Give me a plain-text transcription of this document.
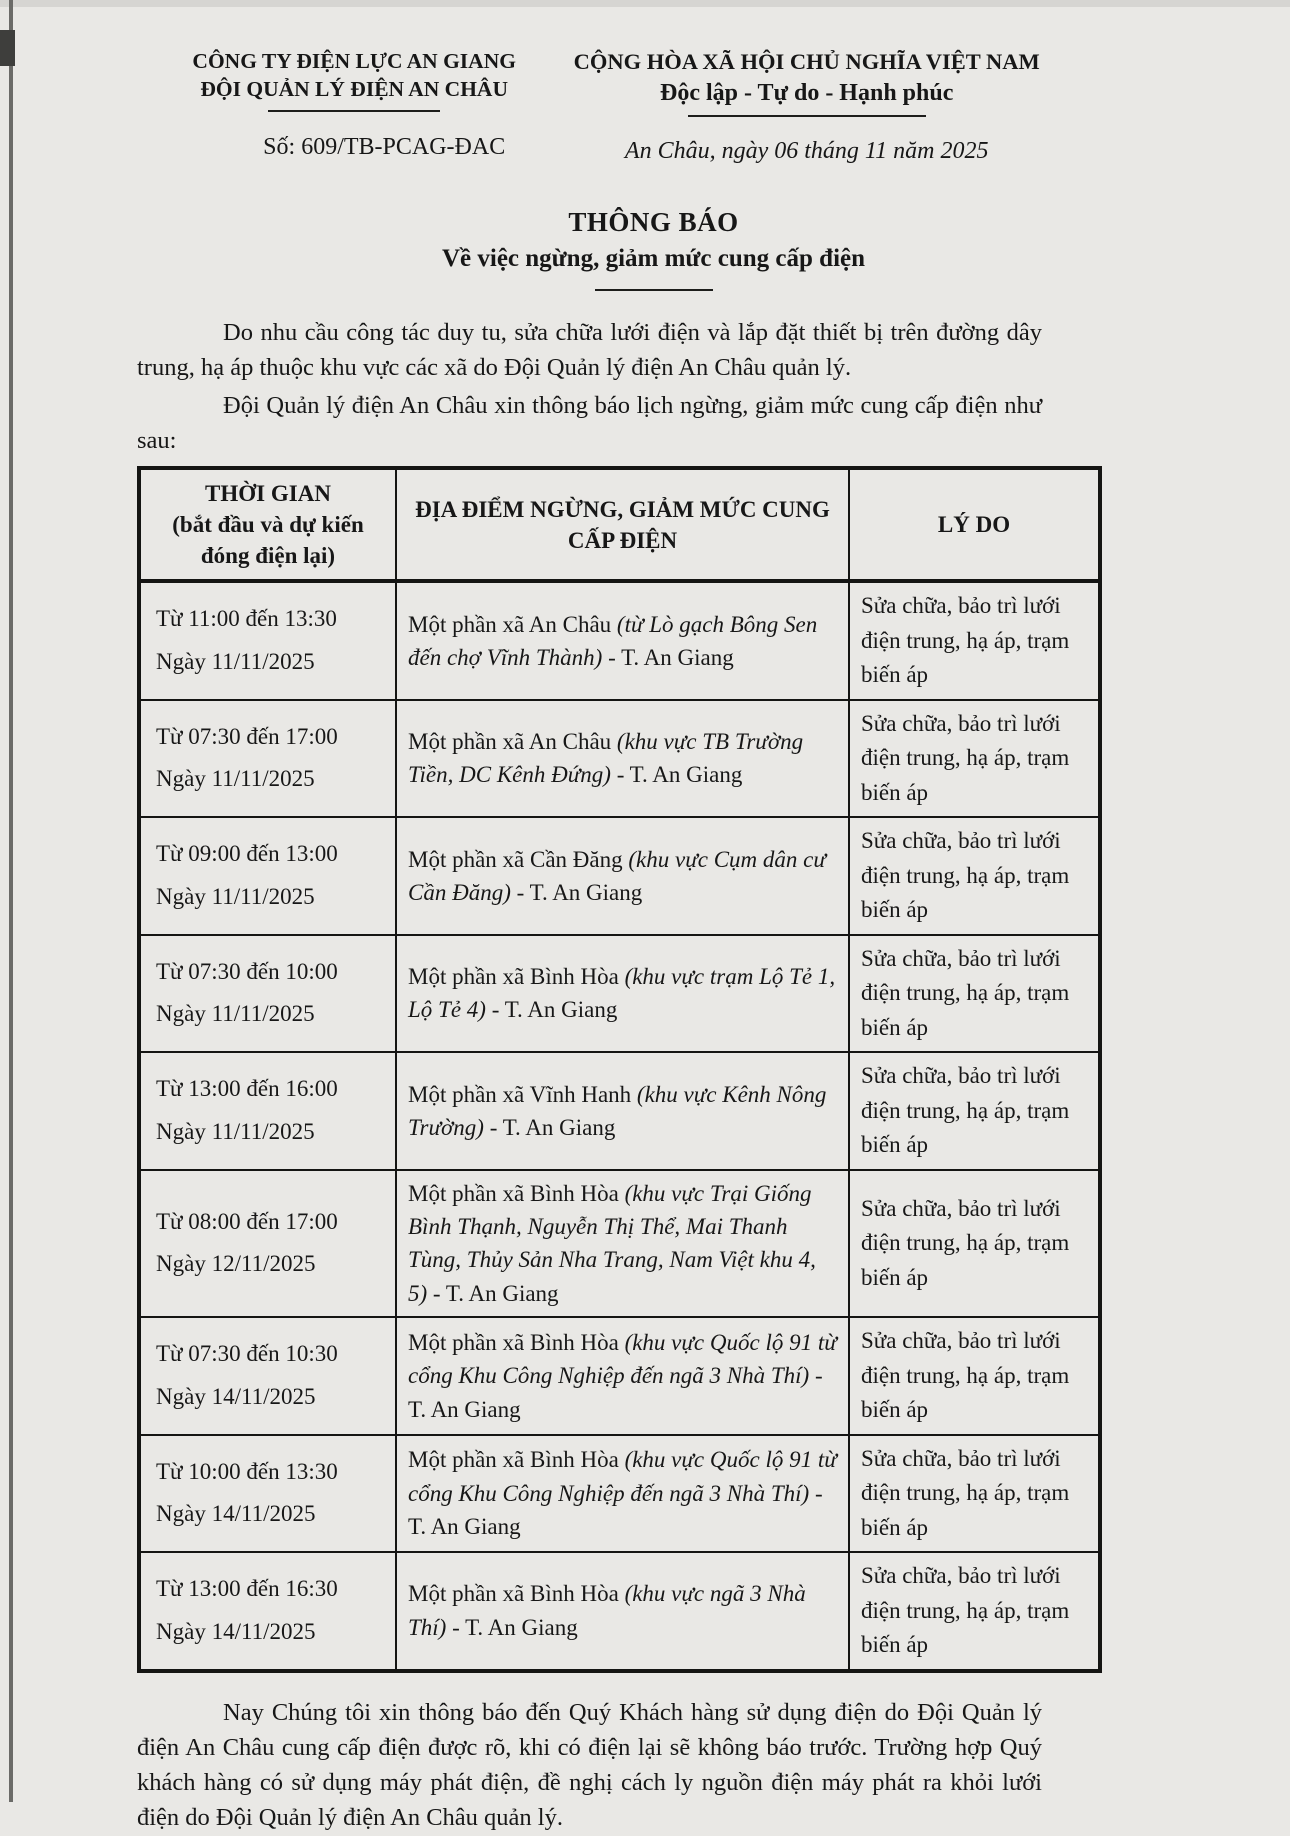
CÔNG TY ĐIỆN LỰC AN GIANG
ĐỘI QUẢN LÝ ĐIỆN AN CHÂU
Số: 609/TB-PCAG-ĐAC
CỘNG HÒA XÃ HỘI CHỦ NGHĨA VIỆT NAM
Độc lập - Tự do - Hạnh phúc
An Châu, ngày 06 tháng 11 năm 2025
THÔNG BÁO
Về việc ngừng, giảm mức cung cấp điện

Do nhu cầu công tác duy tu, sửa chữa lưới điện và lắp đặt thiết bị trên đường dây trung, hạ áp thuộc khu vực các xã do Đội Quản lý điện An Châu quản lý.

Đội Quản lý điện An Châu xin thông báo lịch ngừng, giảm mức cung cấp điện như sau:

THỜI GIAN
(bắt đầu và dự kiến đóng điện lại)	ĐỊA ĐIỂM NGỪNG, GIẢM MỨC CUNG CẤP ĐIỆN	LÝ DO
Từ 11:00 đến 13:30
Ngày 11/11/2025	Một phần xã An Châu (từ Lò gạch Bông Sen đến chợ Vĩnh Thành) - T. An Giang	Sửa chữa, bảo trì lưới điện trung, hạ áp, trạm biến áp
Từ 07:30 đến 17:00
Ngày 11/11/2025	Một phần xã An Châu (khu vực TB Trường Tiền, DC Kênh Đứng) - T. An Giang	Sửa chữa, bảo trì lưới điện trung, hạ áp, trạm biến áp
Từ 09:00 đến 13:00
Ngày 11/11/2025	Một phần xã Cần Đăng (khu vực Cụm dân cư Cần Đăng) - T. An Giang	Sửa chữa, bảo trì lưới điện trung, hạ áp, trạm biến áp
Từ 07:30 đến 10:00
Ngày 11/11/2025	Một phần xã Bình Hòa (khu vực trạm Lộ Tẻ 1, Lộ Tẻ 4) - T. An Giang	Sửa chữa, bảo trì lưới điện trung, hạ áp, trạm biến áp
Từ 13:00 đến 16:00
Ngày 11/11/2025	Một phần xã Vĩnh Hanh (khu vực Kênh Nông Trường) - T. An Giang	Sửa chữa, bảo trì lưới điện trung, hạ áp, trạm biến áp
Từ 08:00 đến 17:00
Ngày 12/11/2025	Một phần xã Bình Hòa (khu vực Trại Giống Bình Thạnh, Nguyễn Thị Thể, Mai Thanh Tùng, Thủy Sản Nha Trang, Nam Việt khu 4, 5) - T. An Giang	Sửa chữa, bảo trì lưới điện trung, hạ áp, trạm biến áp
Từ 07:30 đến 10:30
Ngày 14/11/2025	Một phần xã Bình Hòa (khu vực Quốc lộ 91 từ cổng Khu Công Nghiệp đến ngã 3 Nhà Thí) - T. An Giang	Sửa chữa, bảo trì lưới điện trung, hạ áp, trạm biến áp
Từ 10:00 đến 13:30
Ngày 14/11/2025	Một phần xã Bình Hòa (khu vực Quốc lộ 91 từ cổng Khu Công Nghiệp đến ngã 3 Nhà Thí) - T. An Giang	Sửa chữa, bảo trì lưới điện trung, hạ áp, trạm biến áp
Từ 13:00 đến 16:30
Ngày 14/11/2025	Một phần xã Bình Hòa (khu vực ngã 3 Nhà Thí) - T. An Giang	Sửa chữa, bảo trì lưới điện trung, hạ áp, trạm biến áp

Nay Chúng tôi xin thông báo đến Quý Khách hàng sử dụng điện do Đội Quản lý điện An Châu cung cấp điện được rõ, khi có điện lại sẽ không báo trước. Trường hợp Quý khách hàng có sử dụng máy phát điện, đề nghị cách ly nguồn điện máy phát ra khỏi lưới điện do Đội Quản lý điện An Châu quản lý.
